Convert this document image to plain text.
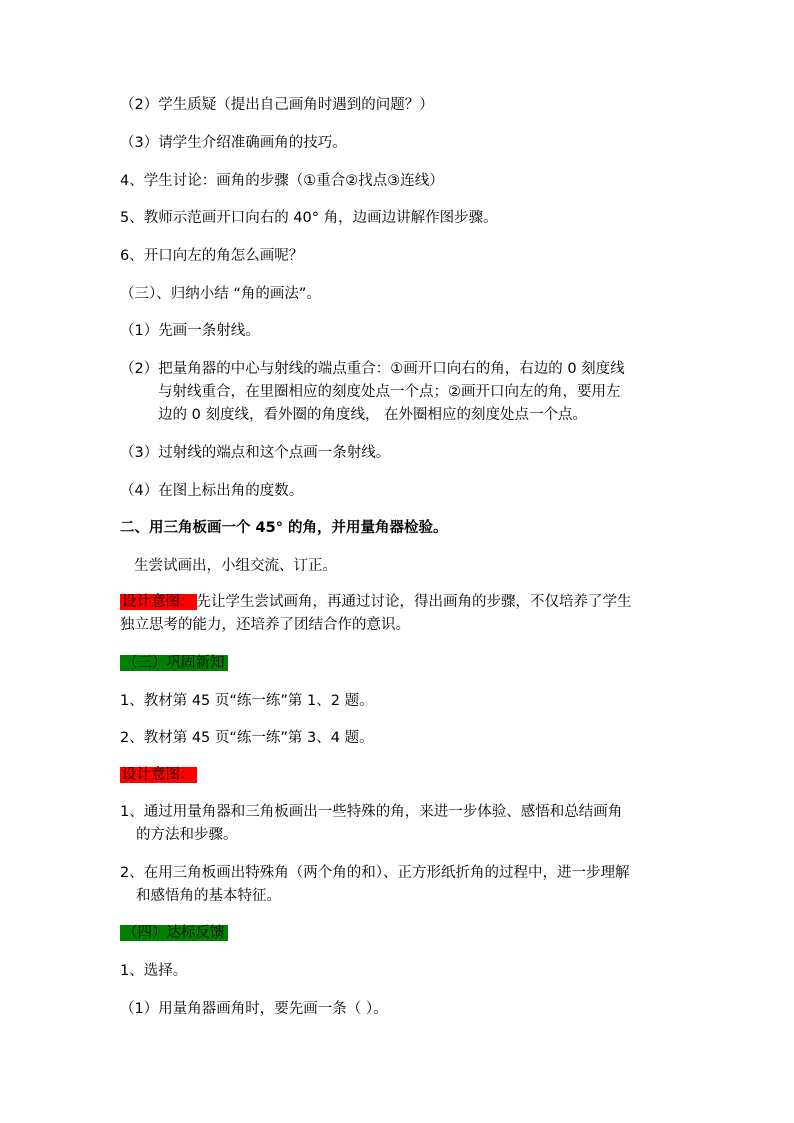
（2）学生质疑（提出自己画角时遇到的问题？）
（3）请学生介绍准确画角的技巧。
4、学生讨论：画角的步骤（①重合②找点③连线）
5、教师示范画开口向右的 40° 角，边画边讲解作图步骤。
6、开口向左的角怎么画呢？
（三）、归纳小结 “角的画法”。
（1）先画一条射线。
（2）把量角器的中心与射线的端点重合：①画开口向右的角，右边的 0 刻度线
与射线重合，在里圈相应的刻度处点一个点；②画开口向左的角，要用左
边的 0 刻度线，看外圈的角度线， 在外圈相应的刻度处点一个点。
（3）过射线的端点和这个点画一条射线。
（4）在图上标出角的度数。
二、用三角板画一个 45° 的角，并用量角器检验。
生尝试画出，小组交流、订正。
设计意图： 先让学生尝试画角，再通过讨论，得出画角的步骤，不仅培养了学生
独立思考的能力，还培养了团结合作的意识。
（三）巩固新知
1、教材第 45 页“练一练”第 1、2 题。
2、教材第 45 页“练一练”第 3、4 题。
设计意图：
1、通过用量角器和三角板画出一些特殊的角，来进一步体验、感悟和总结画角
的方法和步骤。
2、在用三角板画出特殊角（两个角的和）、正方形纸折角的过程中，进一步理解
和感悟角的基本特征。
（四）达标反馈
1、选择。
（1）用量角器画角时，要先画一条（ ）。
